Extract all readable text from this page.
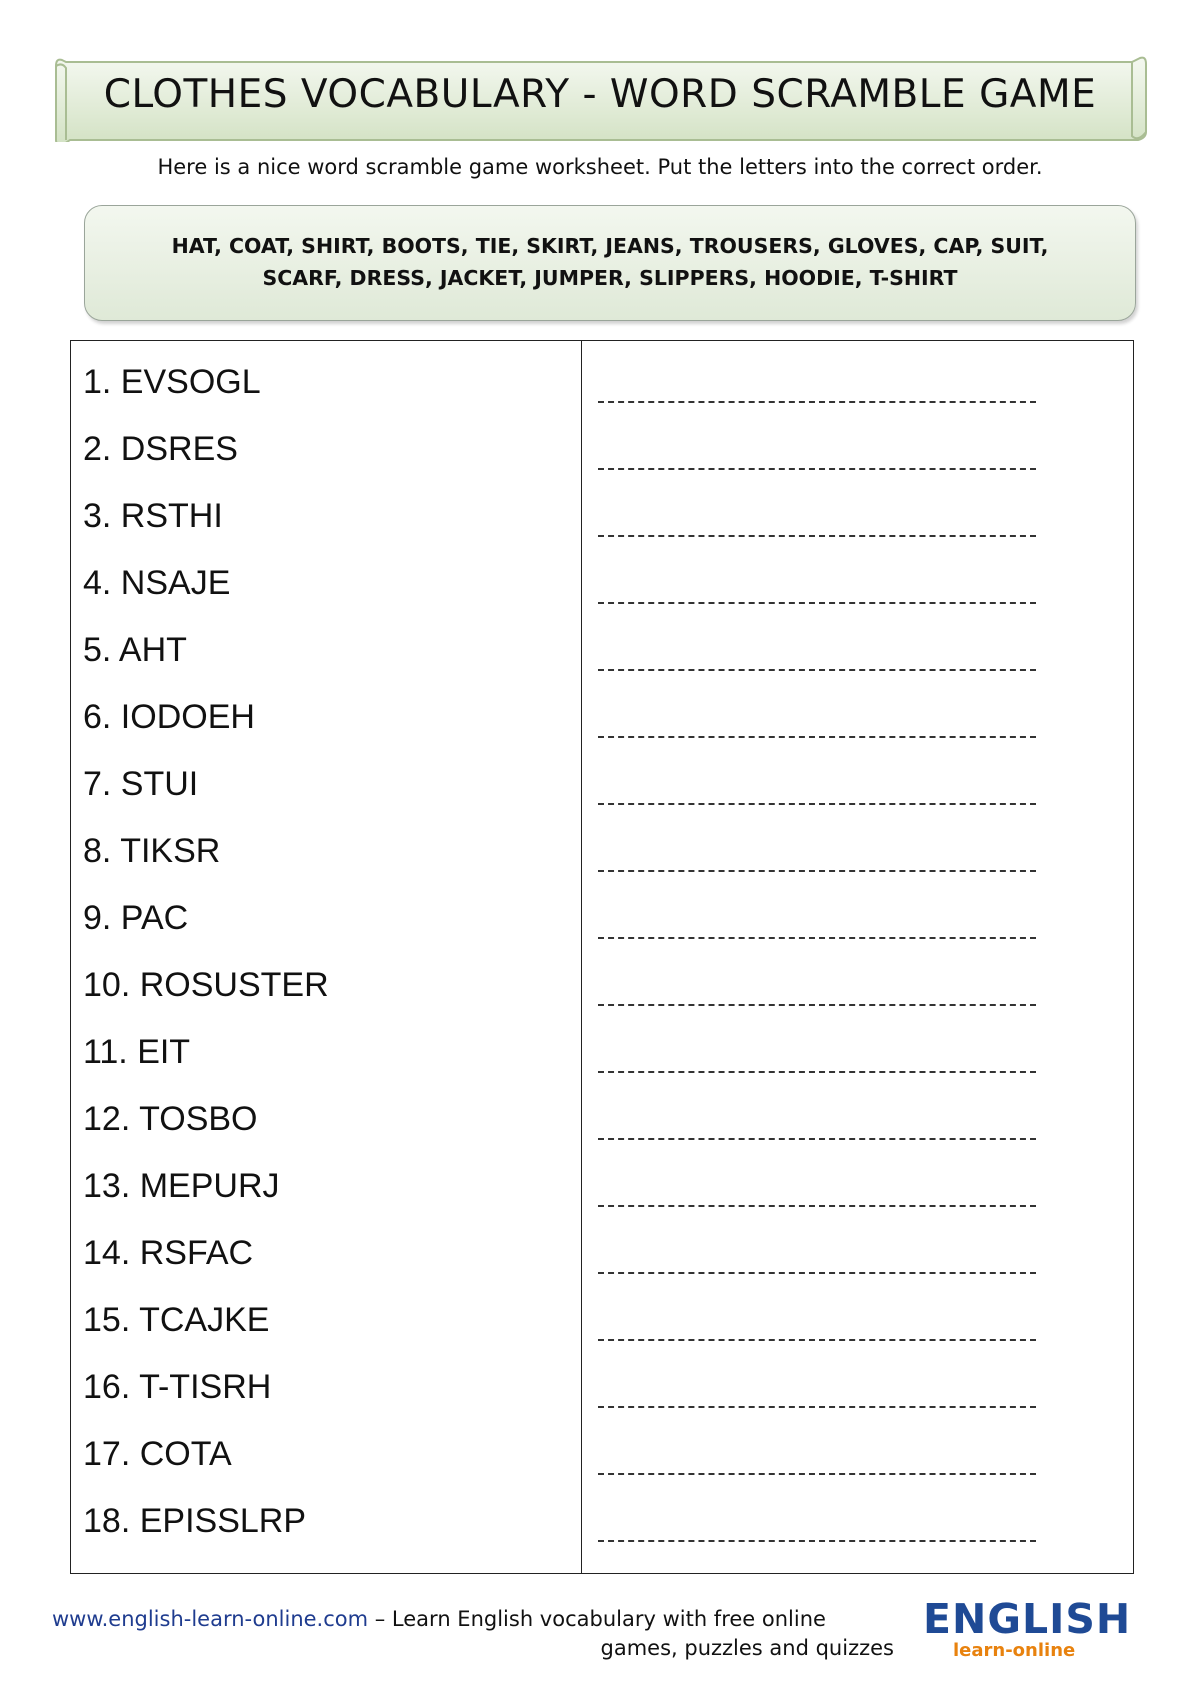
CLOTHES VOCABULARY - WORD SCRAMBLE GAME
Here is a nice word scramble game worksheet. Put the letters into the correct order.
HAT, COAT, SHIRT, BOOTS, TIE, SKIRT, JEANS, TROUSERS, GLOVES, CAP, SUIT,
SCARF, DRESS, JACKET, JUMPER, SLIPPERS, HOODIE, T-SHIRT
1. EVSOGL
2. DSRES
3. RSTHI
4. NSAJE
5. AHT
6. IODOEH
7. STUI
8. TIKSR
9. PAC
10. ROSUSTER
11. EIT
12. TOSBO
13. MEPURJ
14. RSFAC
15. TCAJKE
16. T-TISRH
17. COTA
18. EPISSLRP
www.english-learn-online.com – Learn English vocabulary with free online
games, puzzles and quizzes
ENGLISH
learn-online
